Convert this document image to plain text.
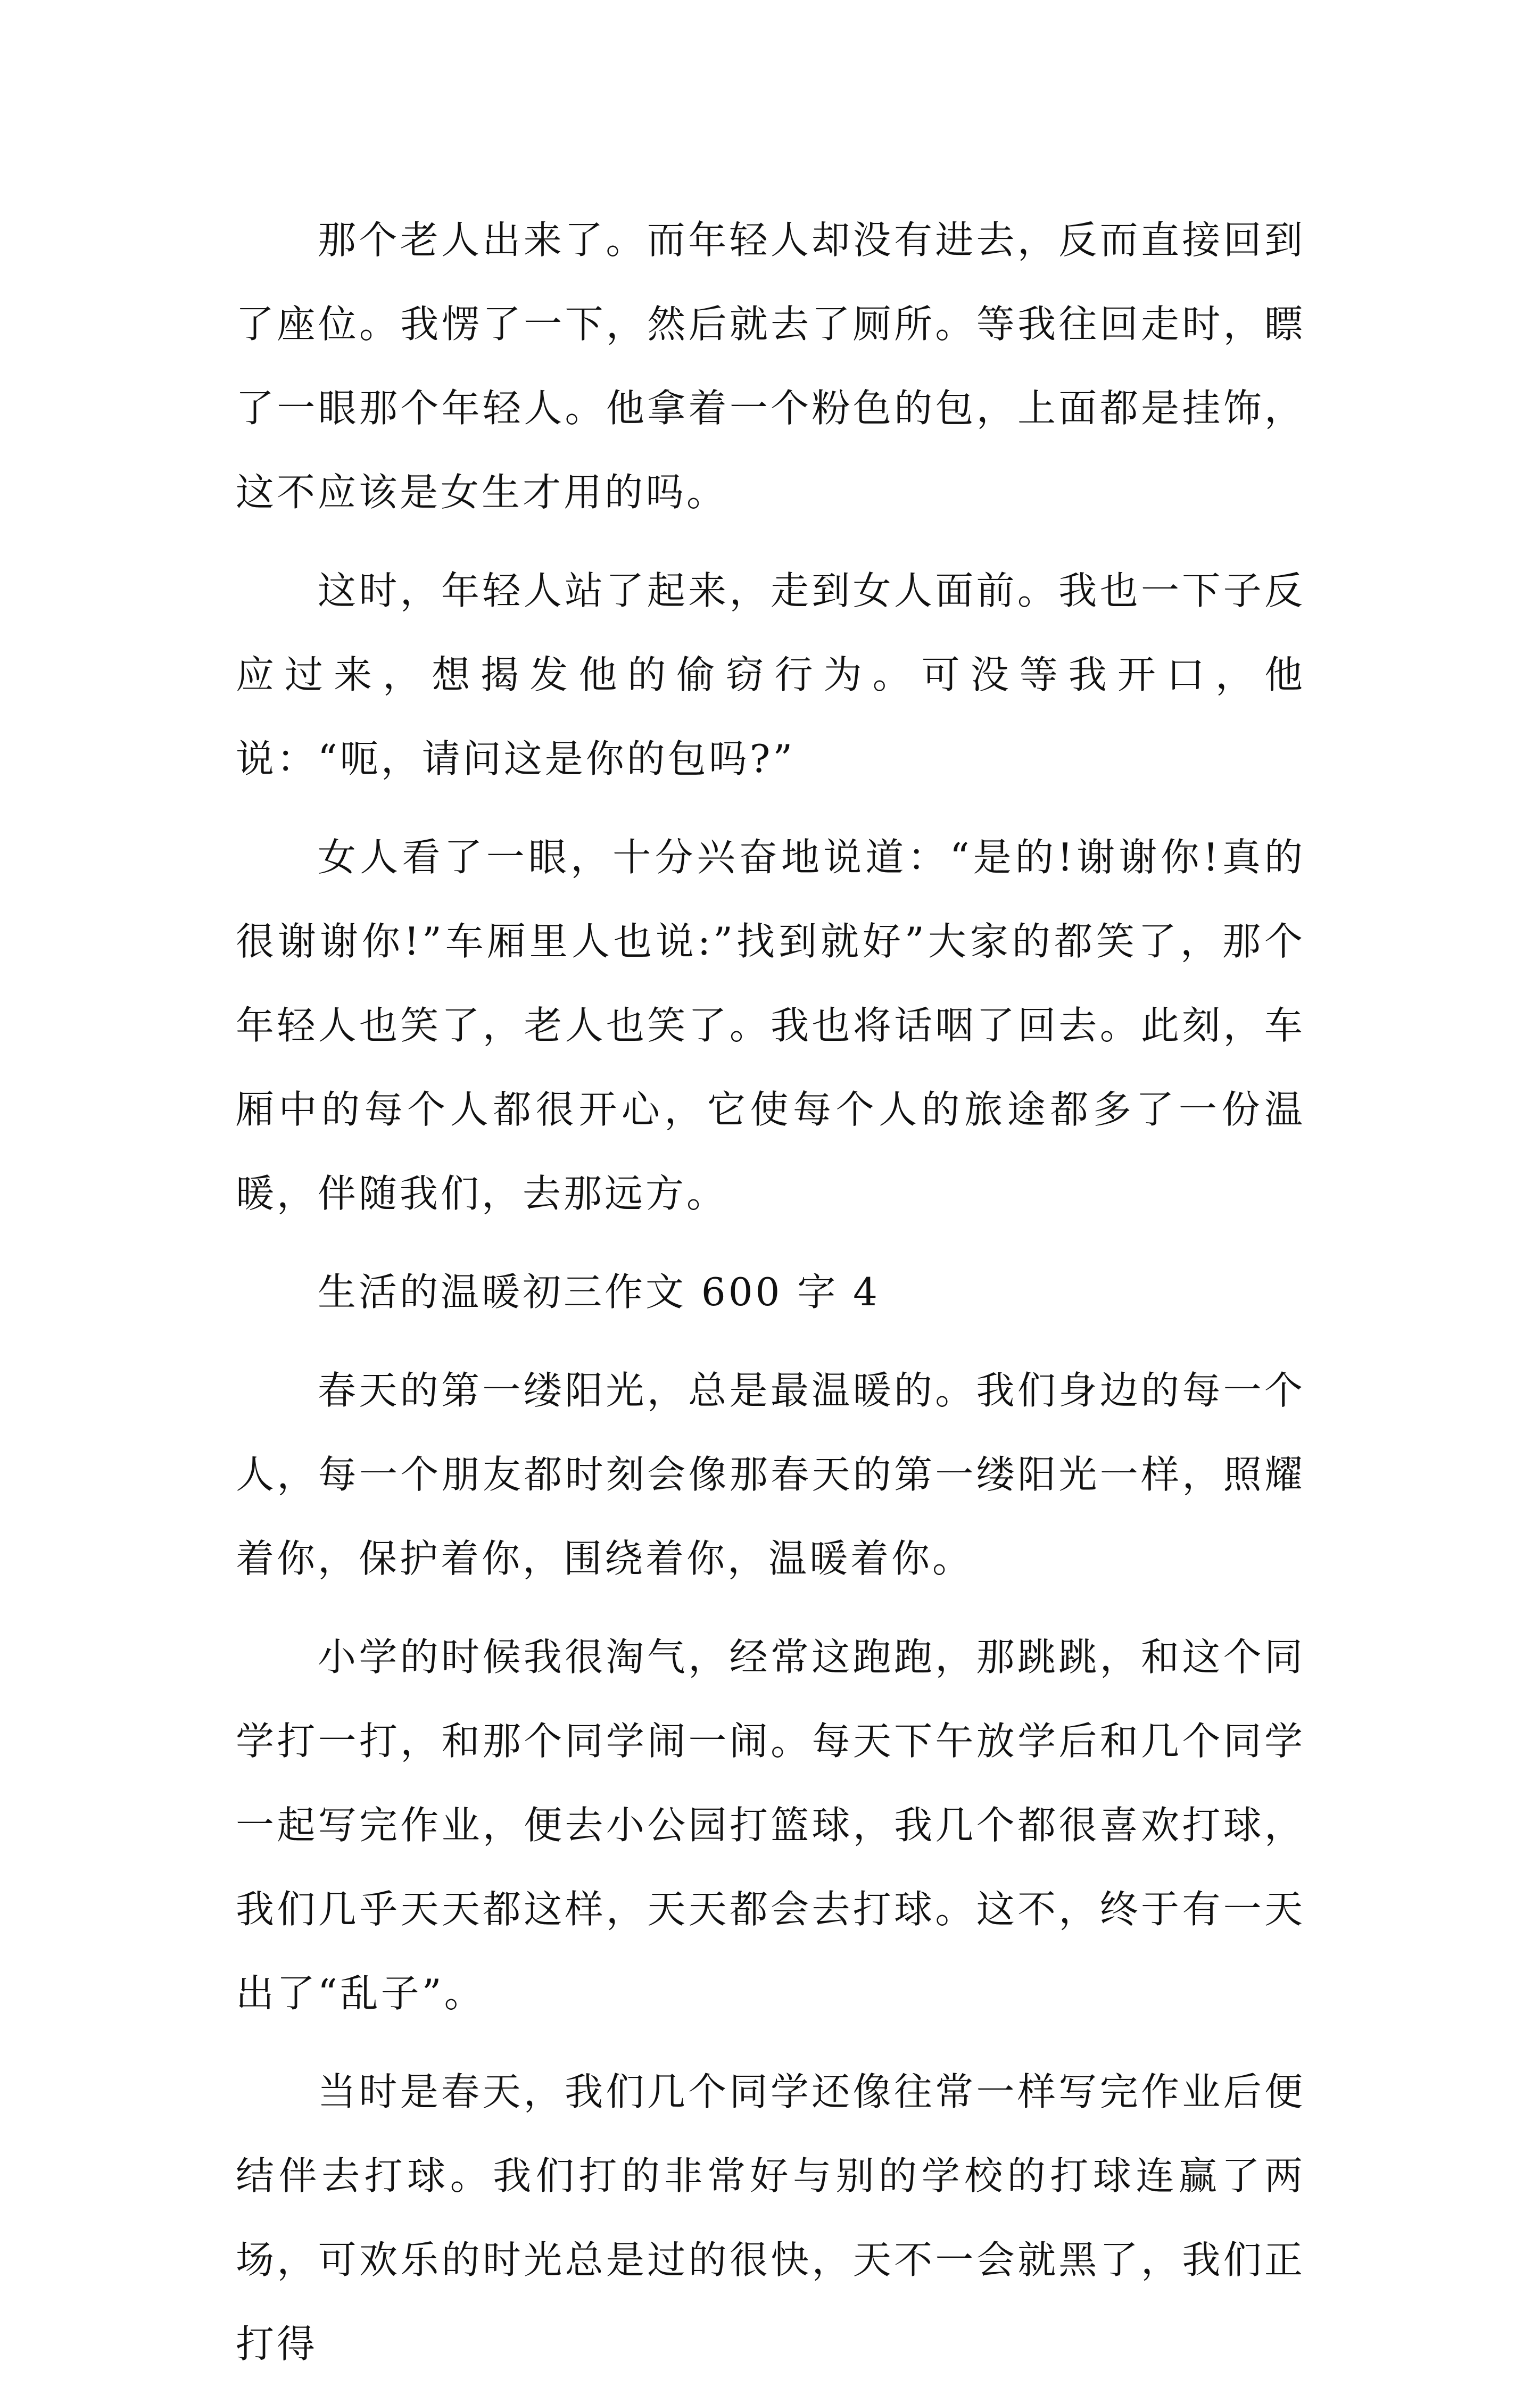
那个老人出来了。而年轻人却没有进去，反而直接回到了座位。我愣了一下，然后就去了厕所。等我往回走时，瞟了一眼那个年轻人。他拿着一个粉色的包，上面都是挂饰，这不应该是女生才用的吗。

这时，年轻人站了起来，走到女人面前。我也一下子反应过来，想揭发他的偷窃行为。可没等我开口，他说：“呃，请问这是你的包吗?”

女人看了一眼，十分兴奋地说道：“是的!谢谢你!真的很谢谢你!”车厢里人也说:”找到就好”大家的都笑了，那个年轻人也笑了，老人也笑了。我也将话咽了回去。此刻，车厢中的每个人都很开心，它使每个人的旅途都多了一份温暖，伴随我们，去那远方。

生活的温暖初三作文 600 字 4

春天的第一缕阳光，总是最温暖的。我们身边的每一个人，每一个朋友都时刻会像那春天的第一缕阳光一样，照耀着你，保护着你，围绕着你，温暖着你。

小学的时候我很淘气，经常这跑跑，那跳跳，和这个同学打一打，和那个同学闹一闹。每天下午放学后和几个同学一起写完作业，便去小公园打篮球，我几个都很喜欢打球，我们几乎天天都这样，天天都会去打球。这不，终于有一天出了“乱子”。

当时是春天，我们几个同学还像往常一样写完作业后便结伴去打球。我们打的非常好与别的学校的打球连赢了两场，可欢乐的时光总是过的很快，天不一会就黑了，我们正打得
